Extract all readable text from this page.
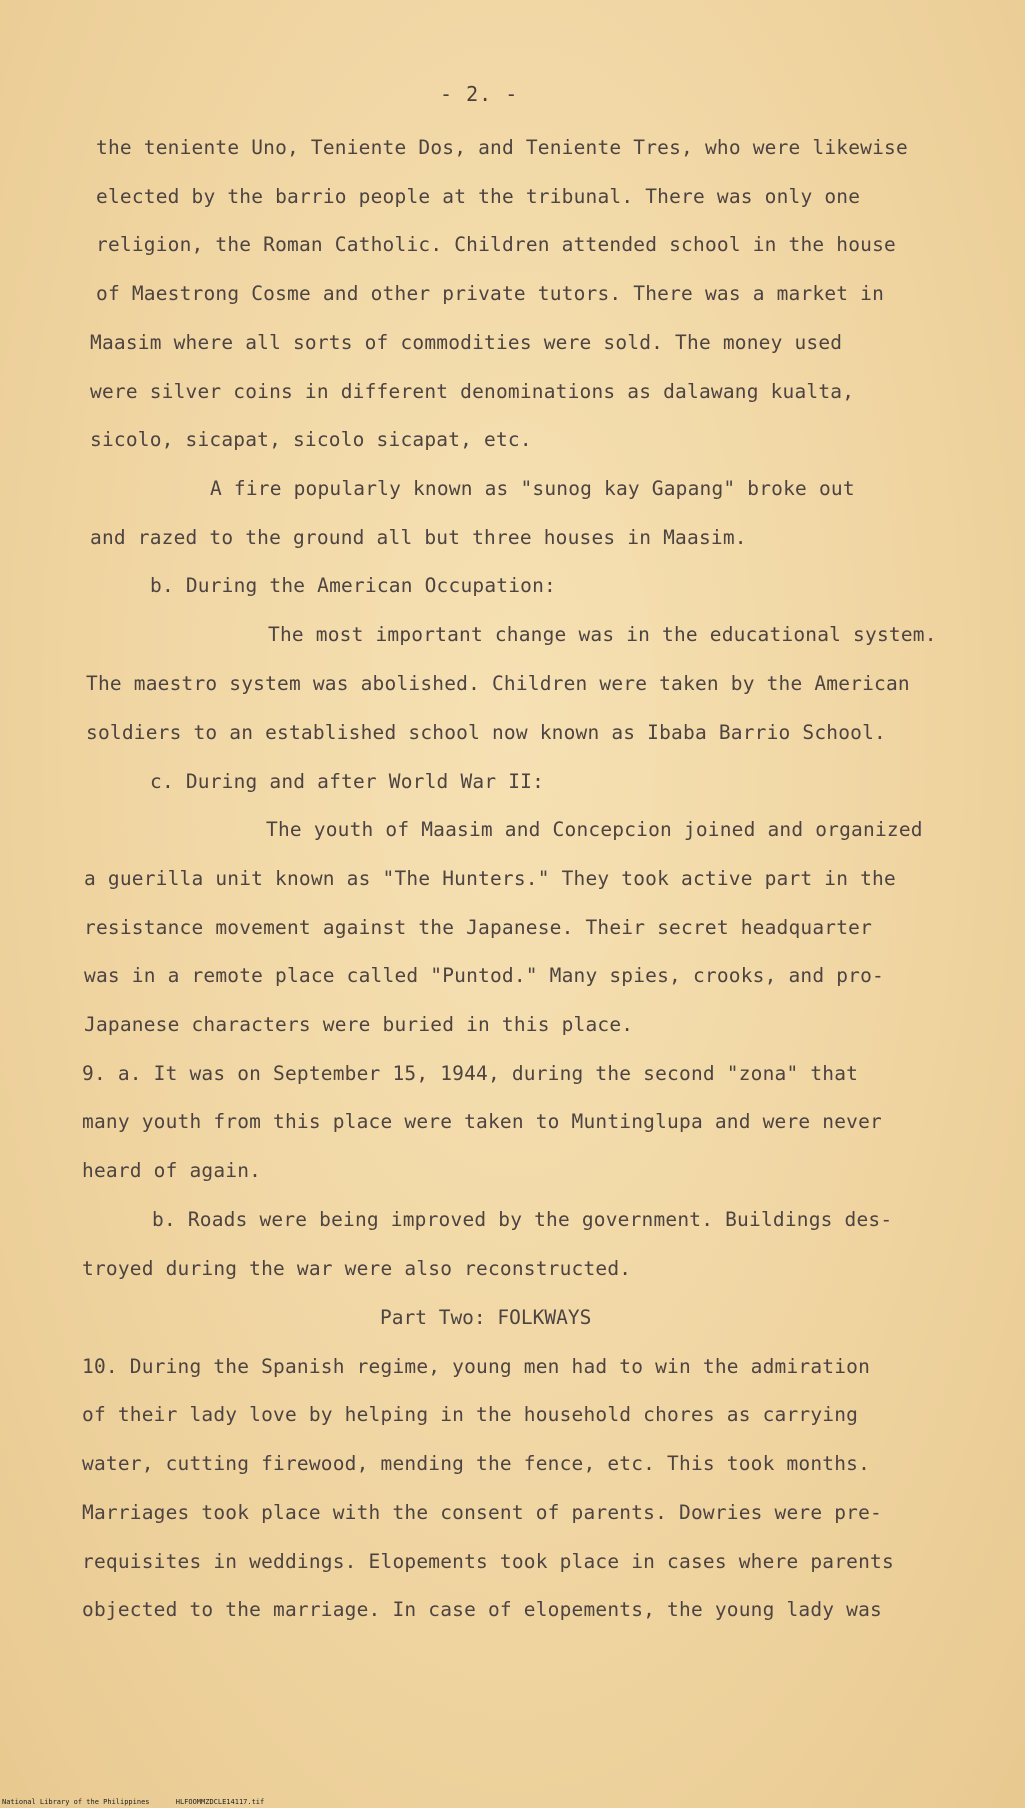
- 2. -
the teniente Uno, Teniente Dos, and Teniente Tres, who were likewise
elected by the barrio people at the tribunal. There was only one
religion, the Roman Catholic. Children attended school in the house
of Maestrong Cosme and other private tutors. There was a market in
Maasim where all sorts of commodities were sold. The money used
were silver coins in different denominations as dalawang kualta,
sicolo, sicapat, sicolo sicapat, etc.
A fire popularly known as "sunog kay Gapang" broke out
and razed to the ground all but three houses in Maasim.
b. During the American Occupation:
The most important change was in the educational system.
The maestro system was abolished. Children were taken by the American
soldiers to an established school now known as Ibaba Barrio School.
c. During and after World War II:
The youth of Maasim and Concepcion joined and organized
a guerilla unit known as "The Hunters." They took active part in the
resistance movement against the Japanese. Their secret headquarter
was in a remote place called "Puntod." Many spies, crooks, and pro-
Japanese characters were buried in this place.
9. a. It was on September 15, 1944, during the second "zona" that
many youth from this place were taken to Muntinglupa and were never
heard of again.
b. Roads were being improved by the government. Buildings des-
troyed during the war were also reconstructed.
Part Two: FOLKWAYS
10. During the Spanish regime, young men had to win the admiration
of their lady love by helping in the household chores as carrying
water, cutting firewood, mending the fence, etc. This took months.
Marriages took place with the consent of parents. Dowries were pre-
requisites in weddings. Elopements took place in cases where parents
objected to the marriage. In case of elopements, the young lady was
National Library of the Philippines	HLFOOMMZDCLE14117.tif
